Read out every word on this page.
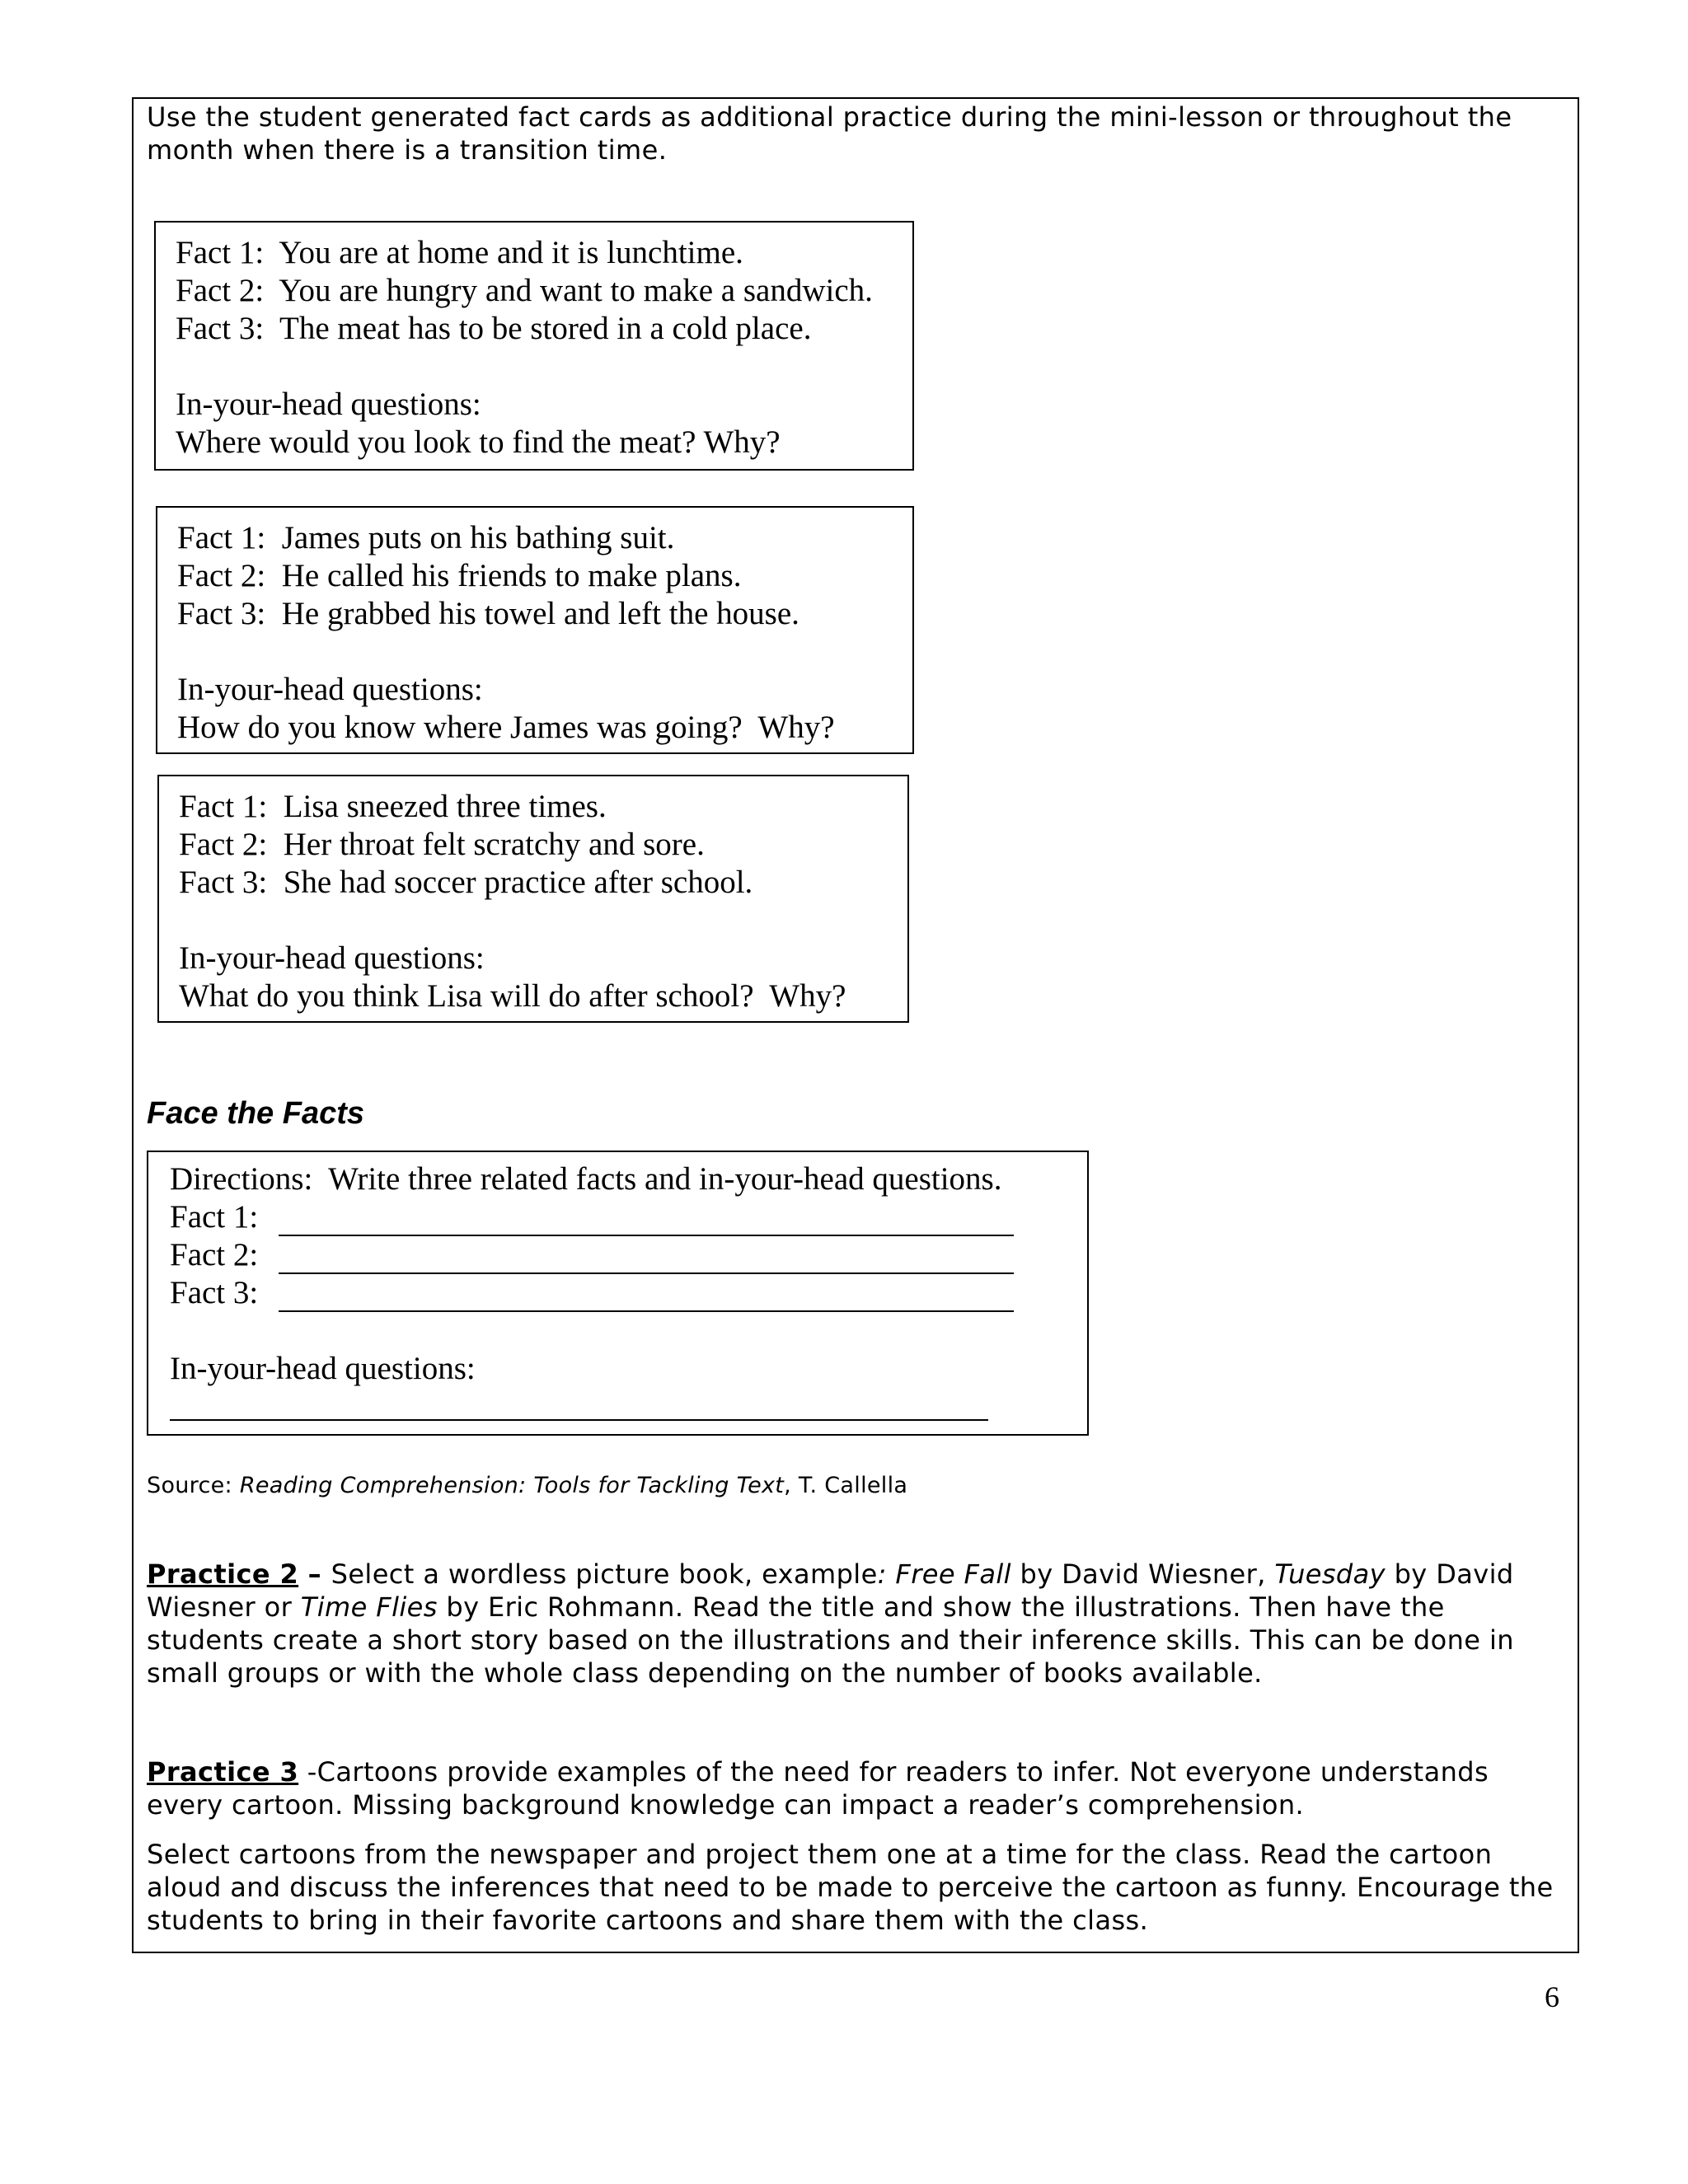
Use the student generated fact cards as additional practice during the mini-lesson or throughout the
month when there is a transition time.
Fact 1:  You are at home and it is lunchtime.
Fact 2:  You are hungry and want to make a sandwich.
Fact 3:  The meat has to be stored in a cold place.
In-your-head questions:
Where would you look to find the meat? Why?
Fact 1:  James puts on his bathing suit.
Fact 2:  He called his friends to make plans.
Fact 3:  He grabbed his towel and left the house.
In-your-head questions:
How do you know where James was going?  Why?
Fact 1:  Lisa sneezed three times.
Fact 2:  Her throat felt scratchy and sore.
Fact 3:  She had soccer practice after school.
In-your-head questions:
What do you think Lisa will do after school?  Why?
Face the Facts
Directions:  Write three related facts and in-your-head questions.
Fact 1:
Fact 2:
Fact 3:
In-your-head questions:
Source: Reading Comprehension: Tools for Tackling Text, T. Callella
Practice 2 – Select a wordless picture book, example: Free Fall by David Wiesner, Tuesday by David Wiesner or Time Flies by Eric Rohmann. Read the title and show the illustrations. Then have the students create a short story based on the illustrations and their inference skills. This can be done in small groups or with the whole class depending on the number of books available.
Practice 3 -Cartoons provide examples of the need for readers to infer. Not everyone understands every cartoon. Missing background knowledge can impact a reader’s comprehension.
Select cartoons from the newspaper and project them one at a time for the class. Read the cartoon aloud and discuss the inferences that need to be made to perceive the cartoon as funny. Encourage the students to bring in their favorite cartoons and share them with the class.
6
